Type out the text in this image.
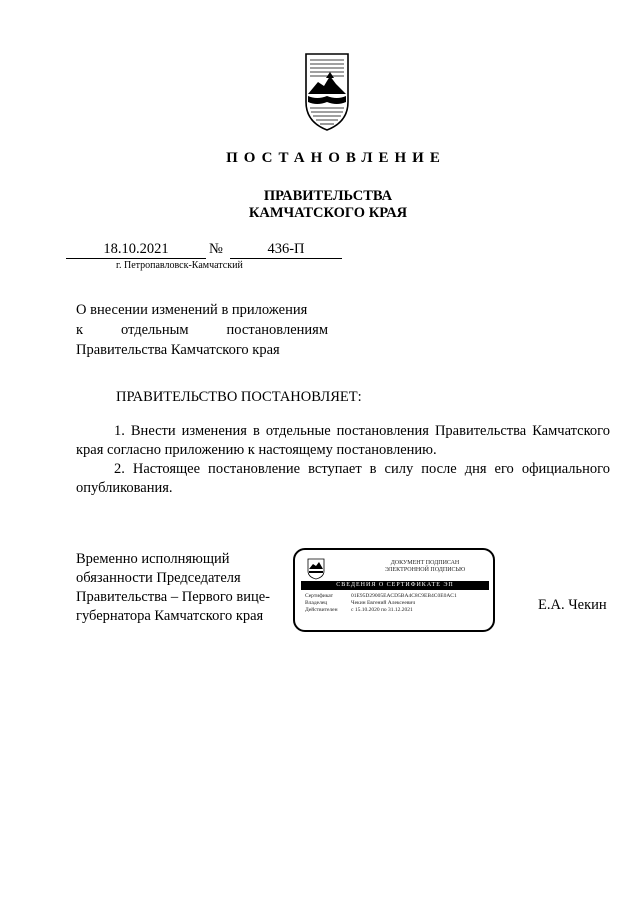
ПОСТАНОВЛЕНИЕ
ПРАВИТЕЛЬСТВА
КАМЧАТСКОГО КРАЯ
18.10.2021	№	436-П
г. Петропавловск-Камчатский
О внесении изменений в приложения
к отдельным постановлениям
Правительства Камчатского края
ПРАВИТЕЛЬСТВО ПОСТАНОВЛЯЕТ:

1. Внести изменения в отдельные постановления Правительства Камчатского края согласно приложению к настоящему постановлению.

2. Настоящее постановление вступает в силу после дня его официального опубликования.

Временно исполняющий обязанности Председателя Правительства – Первого вице-губернатора Камчатского края
ДОКУМЕНТ ПОДПИСАН
ЭЛЕКТРОННОЙ ПОДПИСЬЮ
СВЕДЕНИЯ О СЕРТИФИКАТЕ ЭП
Сертификат	01E95D29005EACD5BA4C8C9EB4C0E0AC1
Владелец	Чекин Евгений Алексеевич
Действителен с 15.10.2020 по 31.12.2021	Е.А. Чекин
